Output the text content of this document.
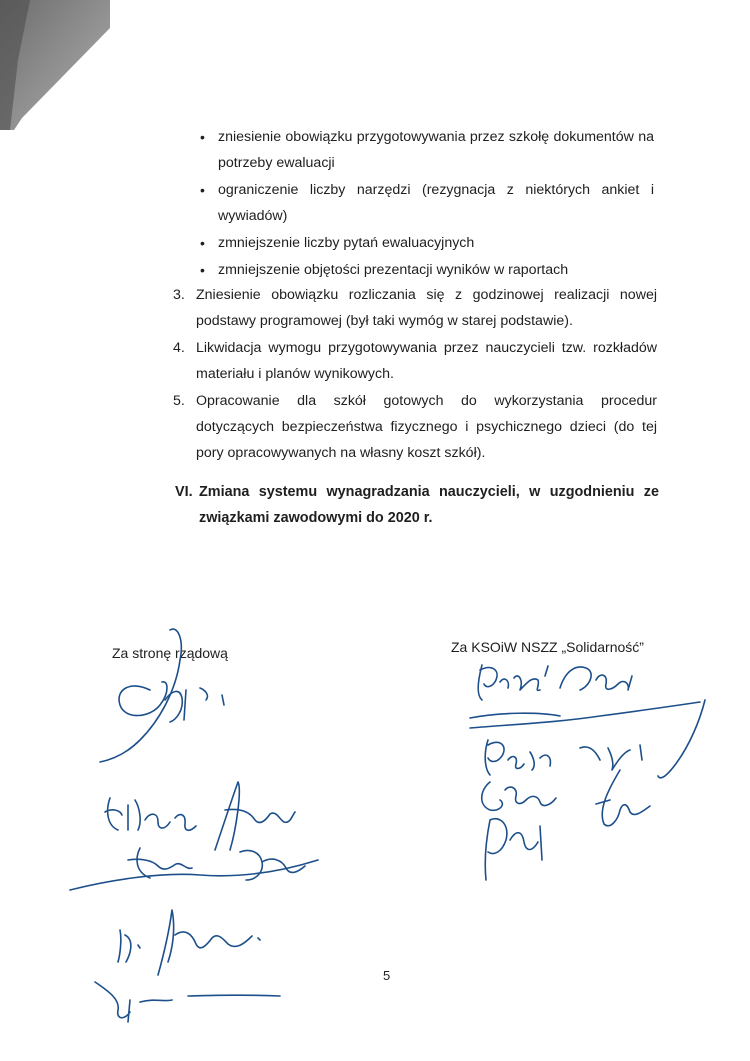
• zniesienie obowiązku przygotowywania przez szkołę dokumentów na potrzeby ewaluacji
• ograniczenie liczby narzędzi (rezygnacja z niektórych ankiet i wywiadów)
• zmniejszenie liczby pytań ewaluacyjnych
• zmniejszenie objętości prezentacji wyników w raportach
3. Zniesienie obowiązku rozliczania się z godzinowej realizacji nowej podstawy programowej (był taki wymóg w starej podstawie).
4. Likwidacja wymogu przygotowywania przez nauczycieli tzw. rozkładów materiału i planów wynikowych.
5. Opracowanie dla szkół gotowych do wykorzystania procedur dotyczących bezpieczeństwa fizycznego i psychicznego dzieci (do tej pory opracowywanych na własny koszt szkół).
VI. Zmiana systemu wynagradzania nauczycieli, w uzgodnieniu ze związkami zawodowymi do 2020 r.
Za stronę rządową	Za KSOiW NSZZ „Solidarność”
5
